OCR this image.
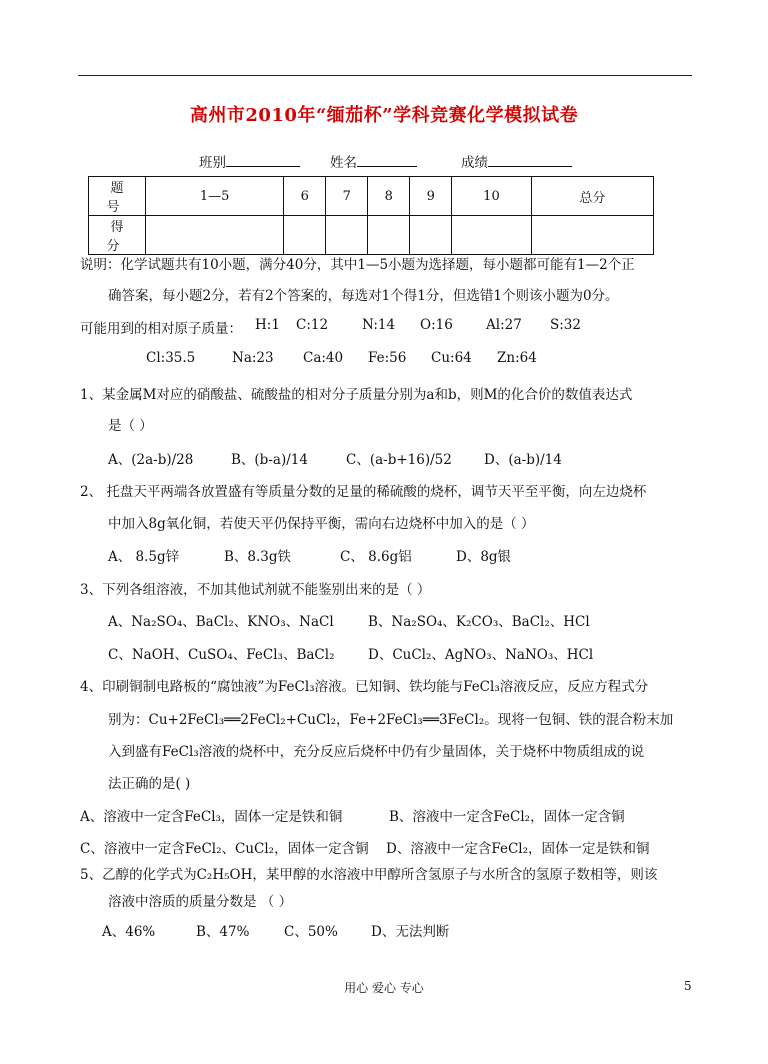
高州市2010年“缅茄杯”学科竞赛化学模拟试卷
班别	姓名	成绩
题 号	1—5	6	7	8	9	10	总分
得 分							
说明：化学试题共有10小题，满分40分，其中1—5小题为选择题，每小题都可能有1—2个正
确答案，每小题2分，若有2个答案的，每选对1个得1分，但选错1个则该小题为0分。
可能用到的相对原子质量： H:1 C:12	N:14 O:16 Al:27 S:32
Cl:35.5	Na:23 Ca:40 Fe:56 Cu:64 Zn:64
1、某金属M对应的硝酸盐、硫酸盐的相对分子质量分别为a和b，则M的化合价的数值表达式
是（ ）
A、(2a-b)/28	B、(b-a)/14	C、(a-b+16)/52 D、(a-b)/14
2、 托盘天平两端各放置盛有等质量分数的足量的稀硫酸的烧杯，调节天平至平衡，向左边烧杯
中加入8g氧化铜，若使天平仍保持平衡，需向右边烧杯中加入的是（ ）
A、 8.5g锌	B、8.3g铁	C、 8.6g铝	D、8g银
3、下列各组溶液，不加其他试剂就不能鉴别出来的是（ ）
A、Na₂SO₄、BaCl₂、KNO₃、NaCl	B、Na₂SO₄、K₂CO₃、BaCl₂、HCl
C、NaOH、CuSO₄、FeCl₃、BaCl₂ D、CuCl₂、AgNO₃、NaNO₃、HCl
4、印刷铜制电路板的“腐蚀液”为FeCl₃溶液。已知铜、铁均能与FeCl₃溶液反应，反应方程式分
别为：Cu+2FeCl₃══2FeCl₂+CuCl₂，Fe+2FeCl₃══3FeCl₂。现将一包铜、铁的混合粉末加
入到盛有FeCl₃溶液的烧杯中，充分反应后烧杯中仍有少量固体，关于烧杯中物质组成的说
法正确的是( )
A、溶液中一定含FeCl₃，固体一定是铁和铜	B、溶液中一定含FeCl₂，固体一定含铜
C、溶液中一定含FeCl₂、CuCl₂，固体一定含铜 D、溶液中一定含FeCl₂，固体一定是铁和铜
5、乙醇的化学式为C₂H₅OH，某甲醇的水溶液中甲醇所含氢原子与水所含的氢原子数相等，则该
溶液中溶质的质量分数是 （ ）
A、46%	B、47%	C、50% D、无法判断
用心 爱心 专心	5
